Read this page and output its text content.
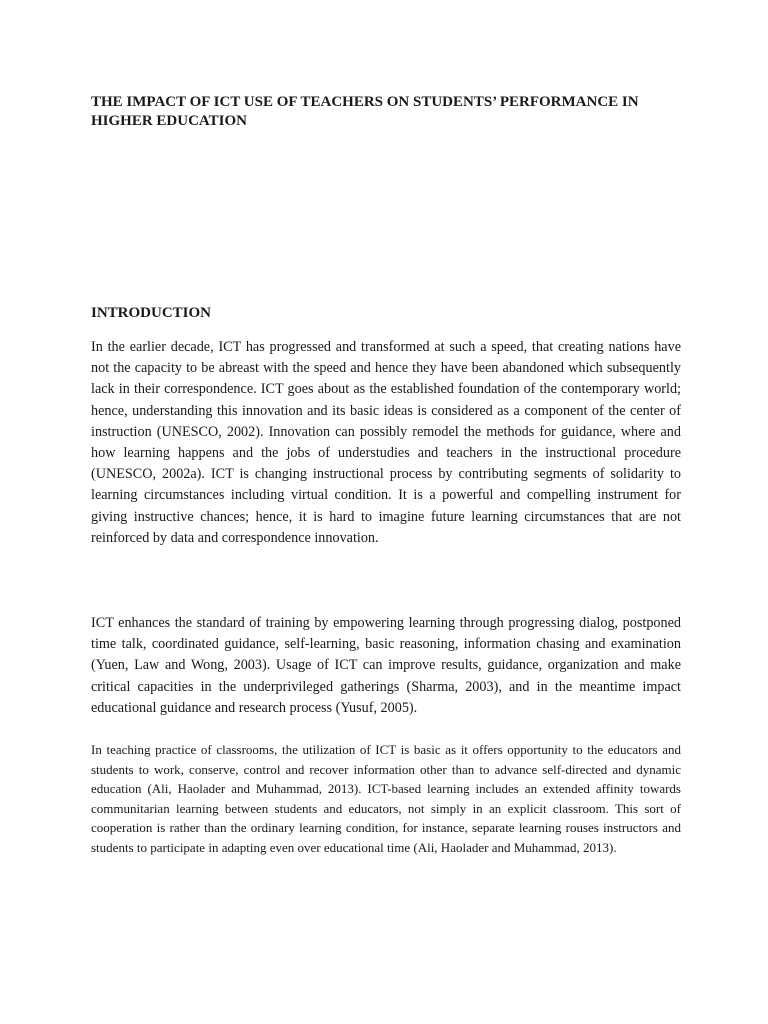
THE IMPACT OF ICT USE OF TEACHERS ON STUDENTS’ PERFORMANCE IN HIGHER EDUCATION
INTRODUCTION

In the earlier decade, ICT has progressed and transformed at such a speed, that creating nations have not the capacity to be abreast with the speed and hence they have been abandoned which subsequently lack in their correspondence. ICT goes about as the established foundation of the contemporary world; hence, understanding this innovation and its basic ideas is considered as a component of the center of instruction (UNESCO, 2002). Innovation can possibly remodel the methods for guidance, where and how learning happens and the jobs of understudies and teachers in the instructional procedure (UNESCO, 2002a). ICT is changing instructional process by contributing segments of solidarity to learning circumstances including virtual condition. It is a powerful and compelling instrument for giving instructive chances; hence, it is hard to imagine future learning circumstances that are not reinforced by data and correspondence innovation.

ICT enhances the standard of training by empowering learning through progressing dialog, postponed time talk, coordinated guidance, self-learning, basic reasoning, information chasing and examination (Yuen, Law and Wong, 2003). Usage of ICT can improve results, guidance, organization and make critical capacities in the underprivileged gatherings (Sharma, 2003), and in the meantime impact educational guidance and research process (Yusuf, 2005).

In teaching practice of classrooms, the utilization of ICT is basic as it offers opportunity to the educators and students to work, conserve, control and recover information other than to advance self-directed and dynamic education (Ali, Haolader and Muhammad, 2013). ICT-based learning includes an extended affinity towards communitarian learning between students and educators, not simply in an explicit classroom. This sort of cooperation is rather than the ordinary learning condition, for instance, separate learning rouses instructors and students to participate in adapting even over educational time (Ali, Haolader and Muhammad, 2013).
